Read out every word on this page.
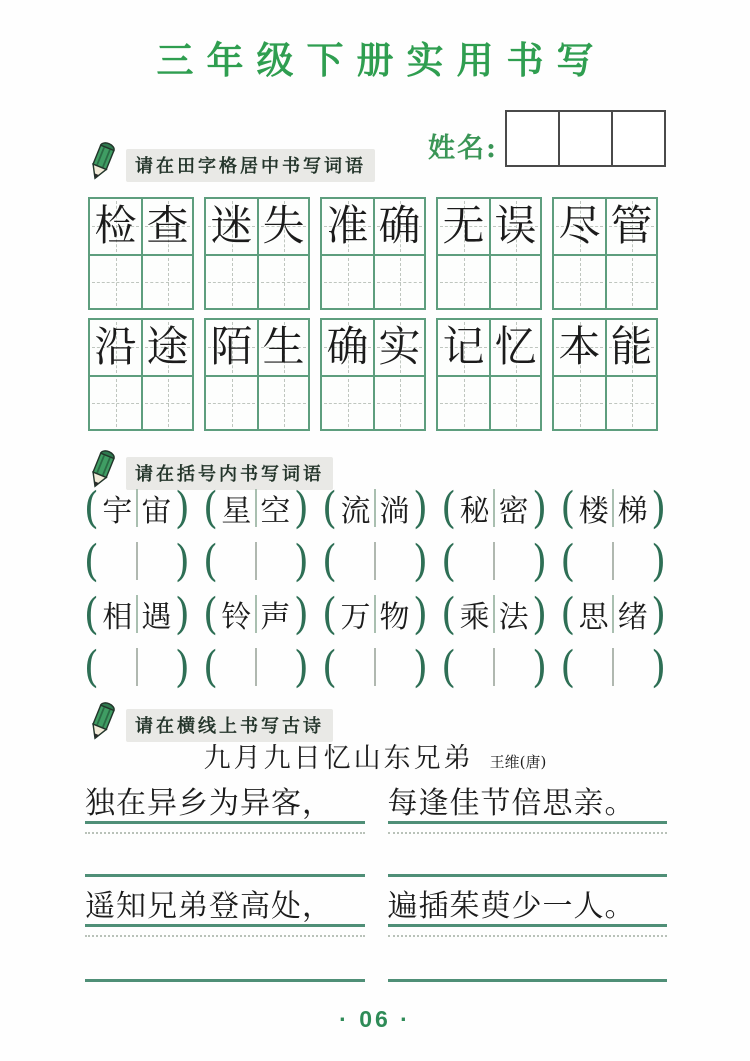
三年级下册实用书写
姓名:
请在田字格居中书写词语
检 查 迷 失 准 确 无 误 尽 管
沿 途 陌 生 确 实 记 忆 本 能
请在括号内书写词语
( 宇 宙 ) ( 星 空 ) ( 流 淌 ) ( 秘 密 ) ( 楼 梯 )
( ) ( ) ( ) ( ) ( )
( 相 遇 ) ( 铃 声 ) ( 万 物 ) ( 乘 法 ) ( 思 绪 )
( ) ( ) ( ) ( ) ( )
请在横线上书写古诗
九月九日忆山东兄弟 王维(唐)
独在异乡为异客，	每逢佳节倍思亲。
遥知兄弟登高处，	遍插茱萸少一人。
· 06 ·
